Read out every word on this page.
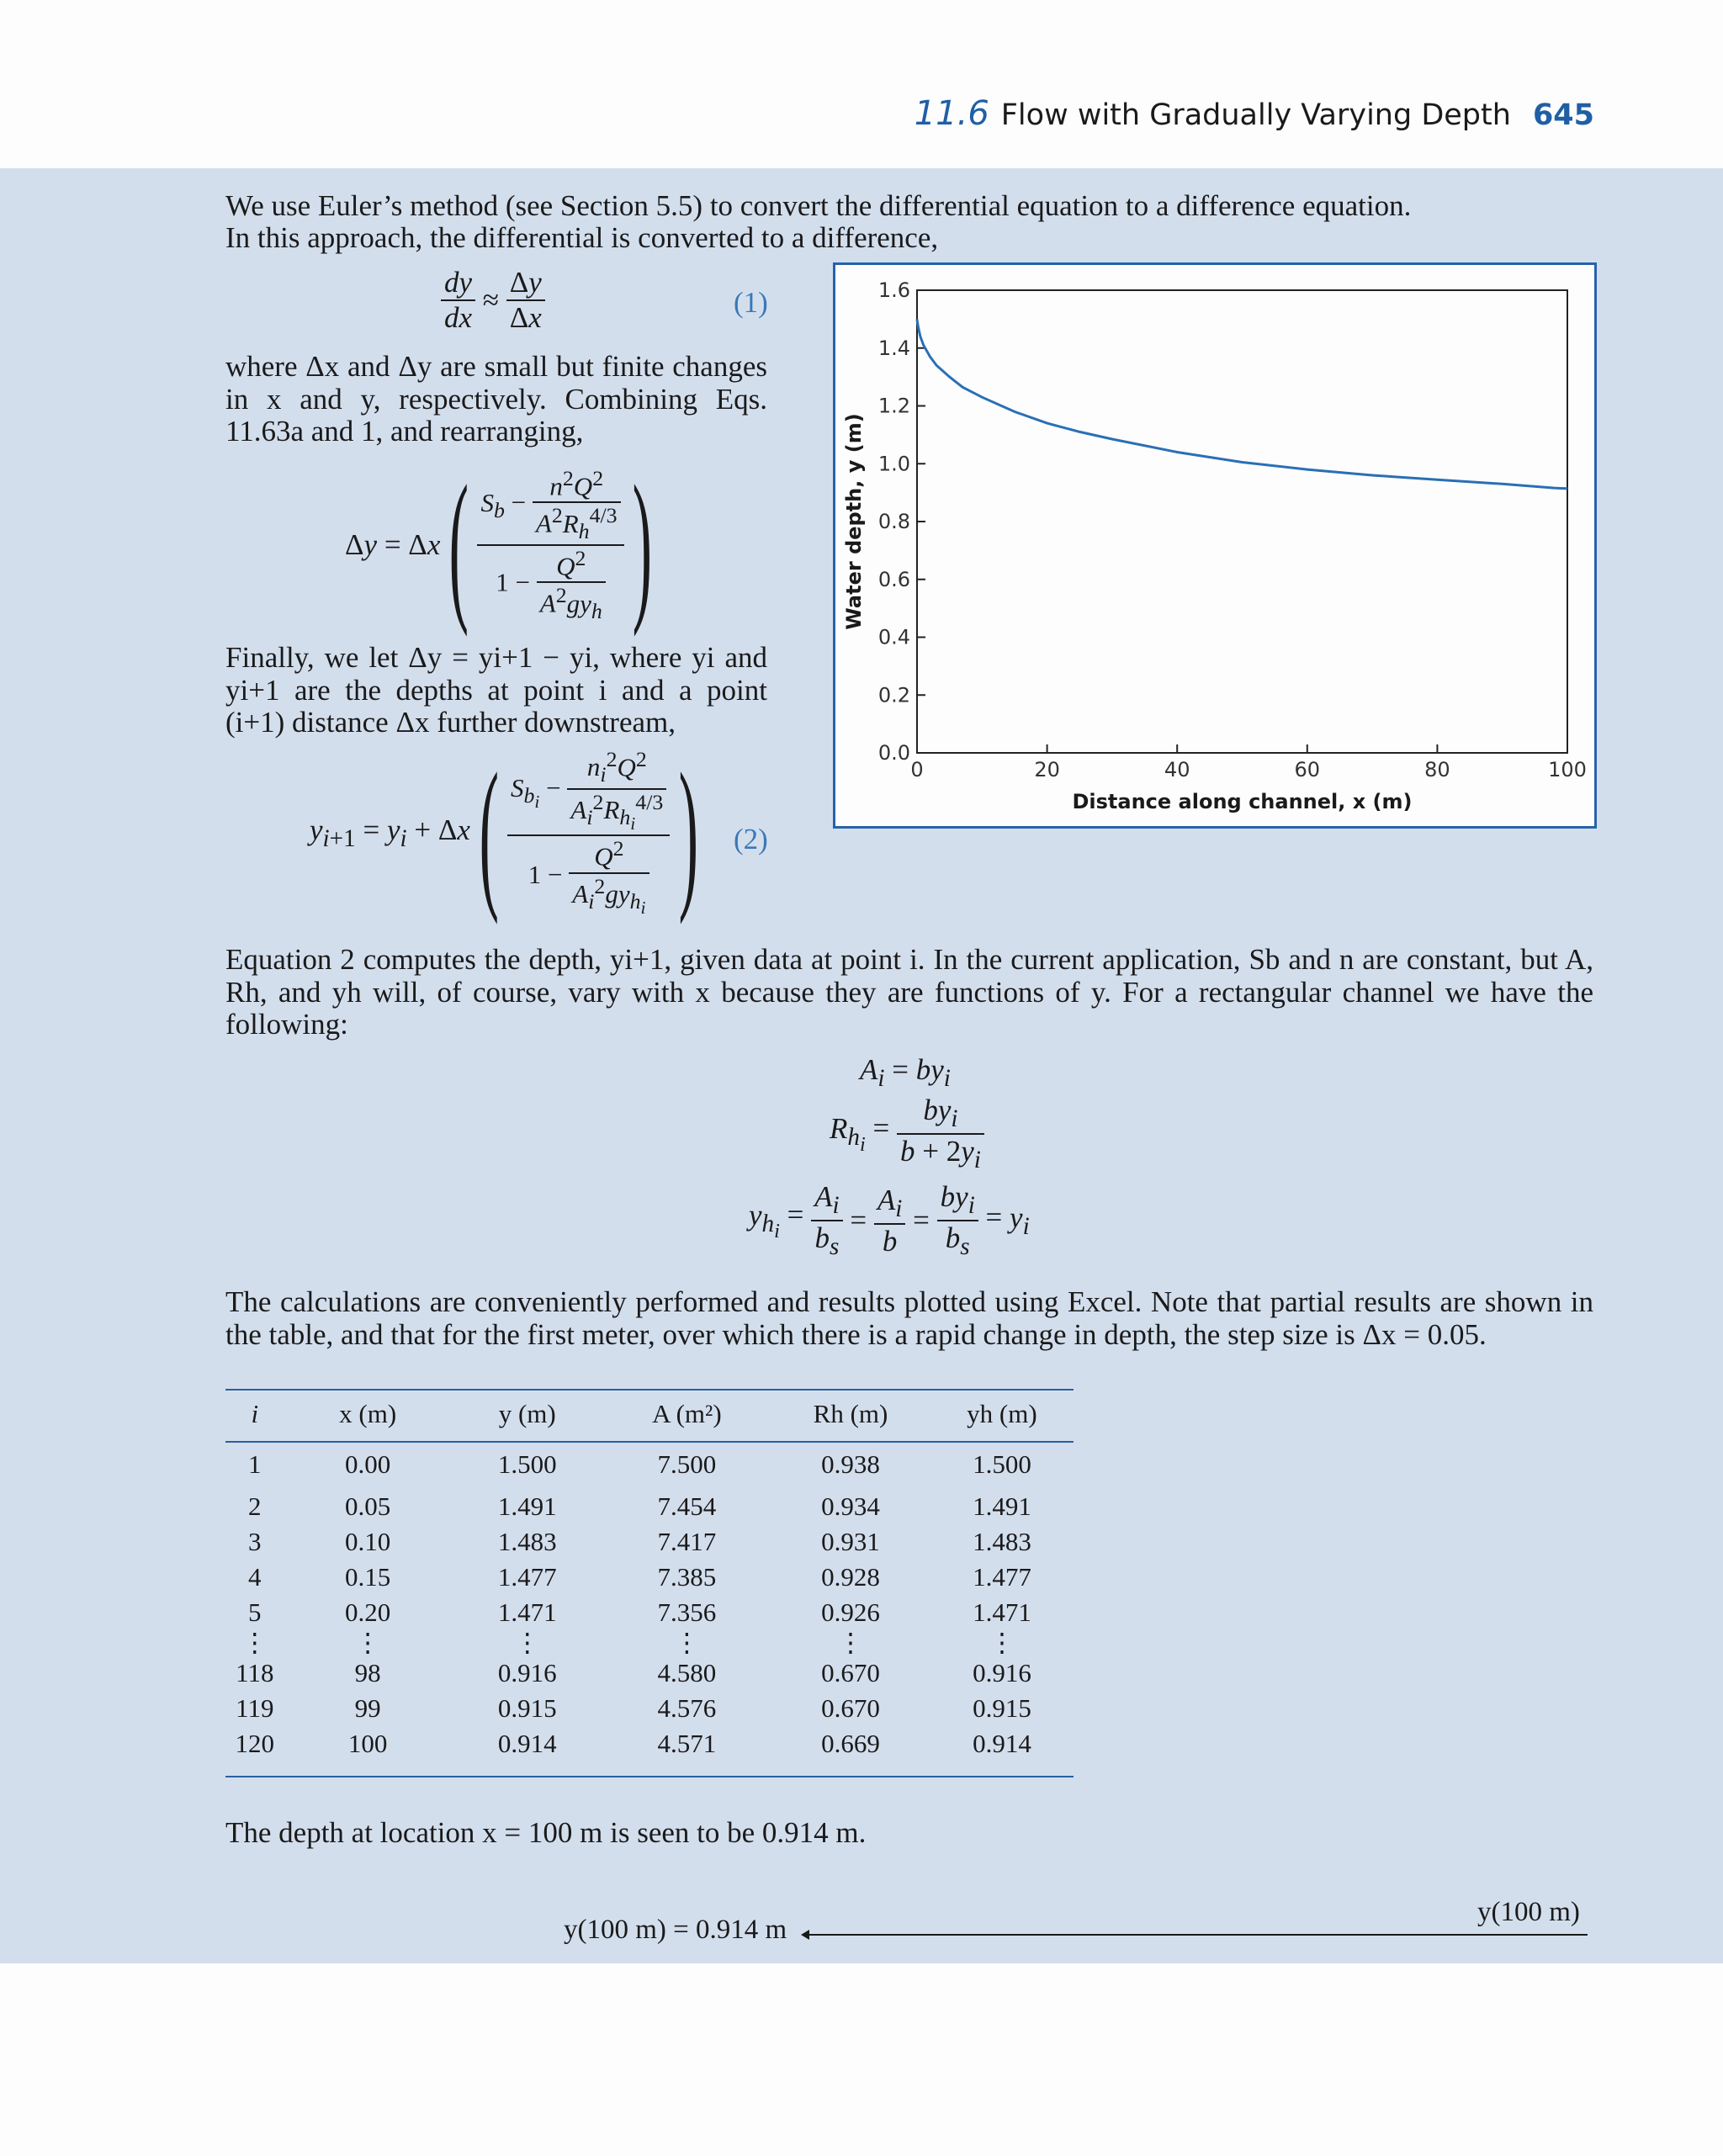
11.6 Flow with Gradually Varying Depth 645
We use Euler’s method (see Section 5.5) to convert the differential equation to a difference equation.
In this approach, the differential is converted to a difference,
$\frac{dy}{dx} \approx \frac{\Delta y}{\Delta x}$	(1)
where Δx and Δy are small but finite changes in x and y, respectively. Combining Eqs. 11.63a and 1, and rearranging,
Δy = Δx ( $\frac{S_b - \frac{n^2Q^2}{A^2R_h^{4/3}}}{1 - \frac{Q^2}{A^2gy_h}}$ )
Finally, we let Δy = yi+1 − yi, where yi and yi+1 are the depths at point i and a point (i+1) distance Δx further downstream,
$y_{i+1} = y_i + \Delta x$ ( $\frac{S_{b_i} - \frac{n_i^2Q^2}{A_i^2R_{h_i}^{4/3}}}{1 - \frac{Q^2}{A_i^2gy_{h_i}}}$ ) (2)
0.0
0.2
0.4
0.6
0.8
1.0
1.2
1.4
1.6
0	20	40	60	80	100
Distance along channel, x (m)
Water depth, y (m)
Equation 2 computes the depth, yi+1, given data at point i. In the current application, Sb and n are constant, but A, Rh, and yh will, of course, vary with x because they are functions of y. For a rectangular channel we have the following:
$A_i = by_i$
$R_{h_i} = \frac{by_i}{b + 2y_i}$
$y_{h_i} = \frac{A_i}{b_s} = \frac{A_i}{b} = \frac{by_i}{b_s} = y_i$
The calculations are conveniently performed and results plotted using Excel. Note that partial results are shown in the table, and that for the first meter, over which there is a rapid change in depth, the step size is Δx = 0.05.
i	x (m)	y (m)	A (m²)	Rh (m)	yh (m)
1	0.00	1.500	7.500	0.938	1.500
2	0.05	1.491	7.454	0.934	1.491
3	0.10	1.483	7.417	0.931	1.483
4	0.15	1.477	7.385	0.928	1.477
5	0.20	1.471	7.356	0.926	1.471
⋮	⋮	⋮	⋮	⋮	⋮
118	98	0.916	4.580	0.670	0.916
119	99	0.915	4.576	0.670	0.915
120	100	0.914	4.571	0.669	0.914
The depth at location x = 100 m is seen to be 0.914 m.
y(100 m)
y(100 m) = 0.914 m
